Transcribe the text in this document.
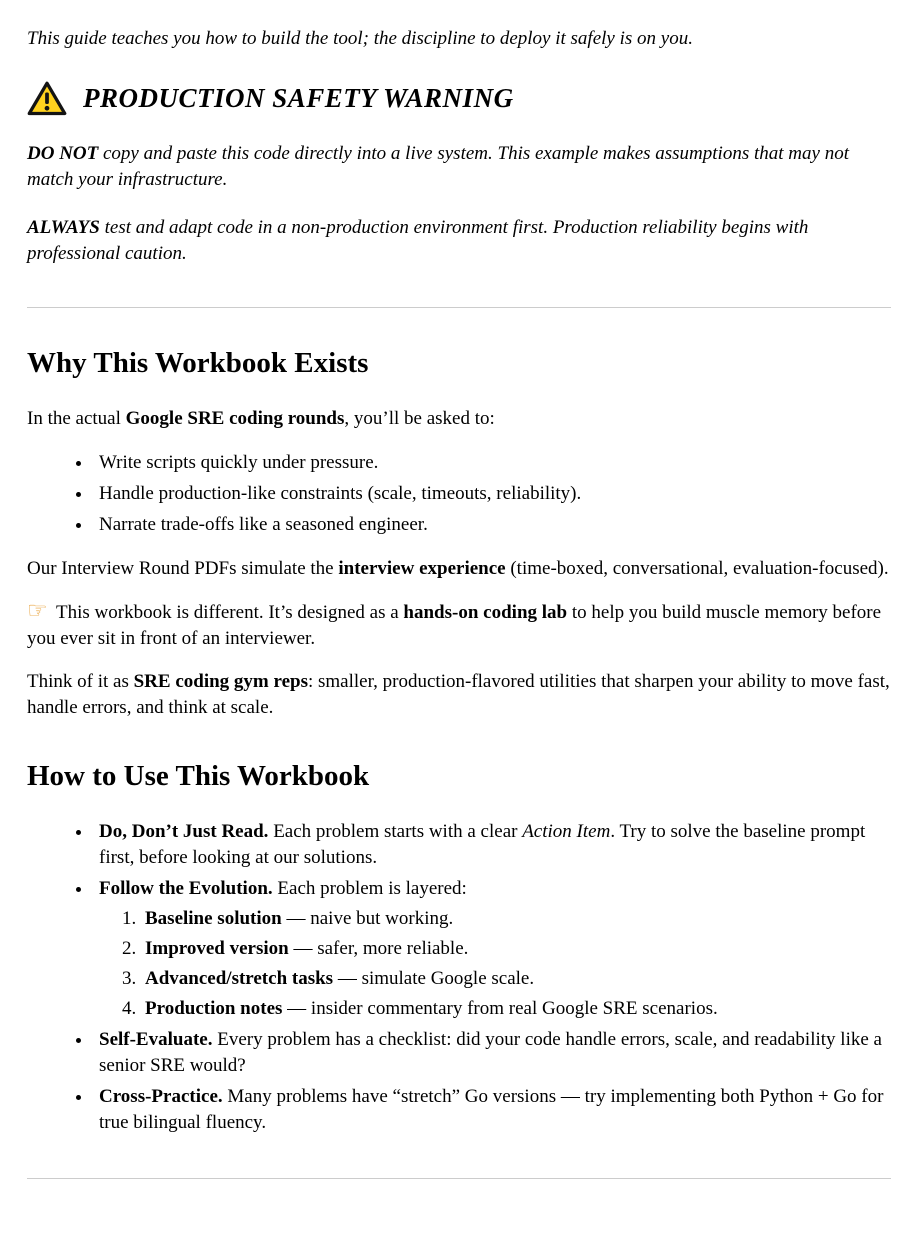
This guide teaches you how to build the tool; the discipline to deploy it safely is on you.

PRODUCTION SAFETY WARNING

DO NOT copy and paste this code directly into a live system. This example makes assumptions that may not match your infrastructure.

ALWAYS test and adapt code in a non-production environment first. Production reliability begins with professional caution.

Why This Workbook Exists

In the actual Google SRE coding rounds, you’ll be asked to:

• Write scripts quickly under pressure.
• Handle production-like constraints (scale, timeouts, reliability).
• Narrate trade-offs like a seasoned engineer.

Our Interview Round PDFs simulate the interview experience (time-boxed, conversational, evaluation-focused).

☞ This workbook is different. It’s designed as a hands-on coding lab to help you build muscle memory before you ever sit in front of an interviewer.

Think of it as SRE coding gym reps: smaller, production-flavored utilities that sharpen your ability to move fast, handle errors, and think at scale.

How to Use This Workbook
• Do, Don’t Just Read. Each problem starts with a clear Action Item. Try to solve the baseline prompt first, before looking at our solutions.
• Follow the Evolution. Each problem is layered:
1. Baseline solution — naive but working.
2. Improved version — safer, more reliable.
3. Advanced/stretch tasks — simulate Google scale.
4. Production notes — insider commentary from real Google SRE scenarios.
• Self-Evaluate. Every problem has a checklist: did your code handle errors, scale, and readability like a senior SRE would?
• Cross-Practice. Many problems have “stretch” Go versions — try implementing both Python + Go for true bilingual fluency.
